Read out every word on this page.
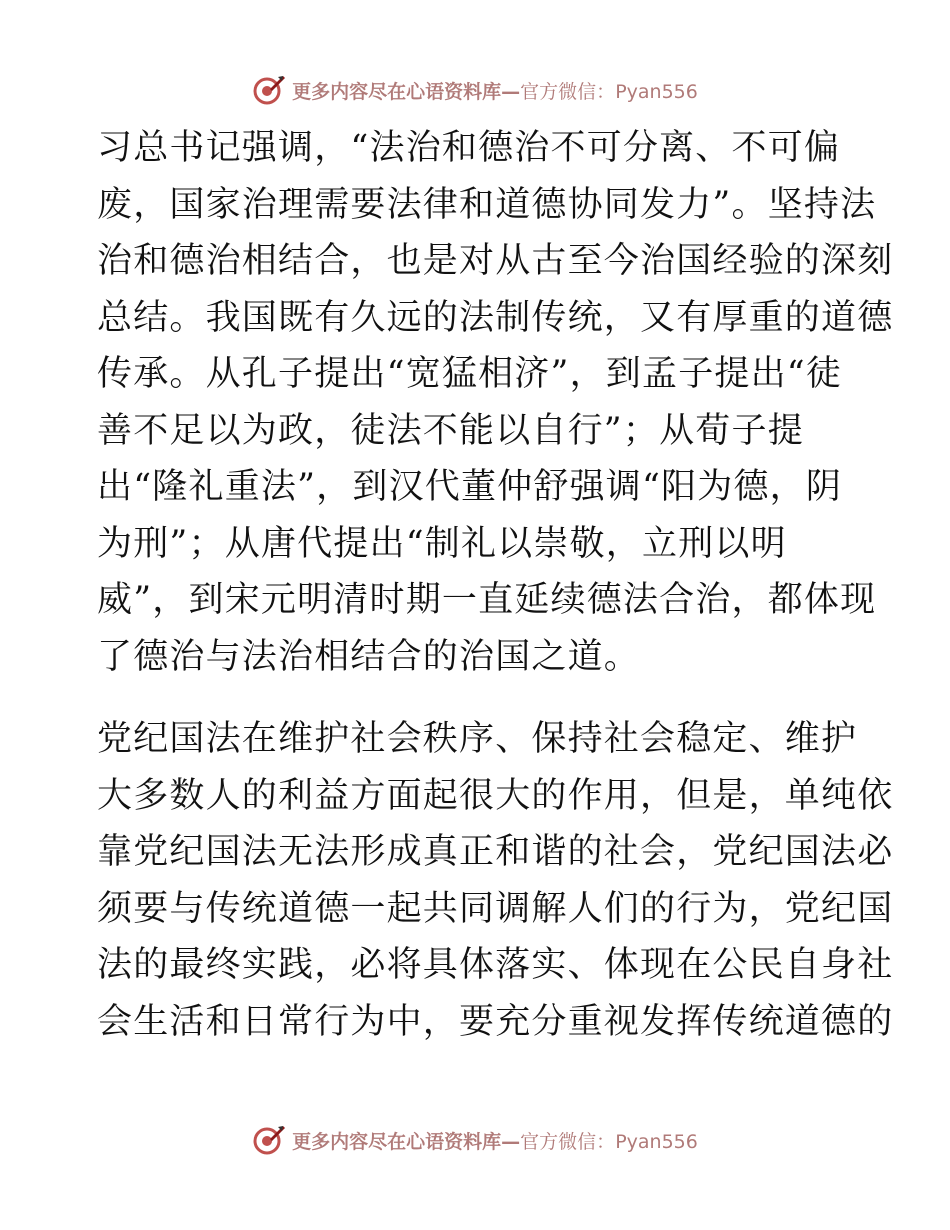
更多内容尽在心语资料库—官方微信：Pyan556
习总书记强调，“法治和德治不可分离、不可偏
废，国家治理需要法律和道德协同发力”。坚持法
治和德治相结合，也是对从古至今治国经验的深刻
总结。我国既有久远的法制传统，又有厚重的道德
传承。从孔子提出“宽猛相济”，到孟子提出“徒
善不足以为政，徒法不能以自行”；从荀子提
出“隆礼重法”，到汉代董仲舒强调“阳为德，阴
为刑”；从唐代提出“制礼以崇敬，立刑以明
威”，到宋元明清时期一直延续德法合治，都体现
了德治与法治相结合的治国之道。
党纪国法在维护社会秩序、保持社会稳定、维护
大多数人的利益方面起很大的作用，但是，单纯依
靠党纪国法无法形成真正和谐的社会，党纪国法必
须要与传统道德一起共同调解人们的行为，党纪国
法的最终实践，必将具体落实、体现在公民自身社
会生活和日常行为中，要充分重视发挥传统道德的
更多内容尽在心语资料库—官方微信：Pyan556
